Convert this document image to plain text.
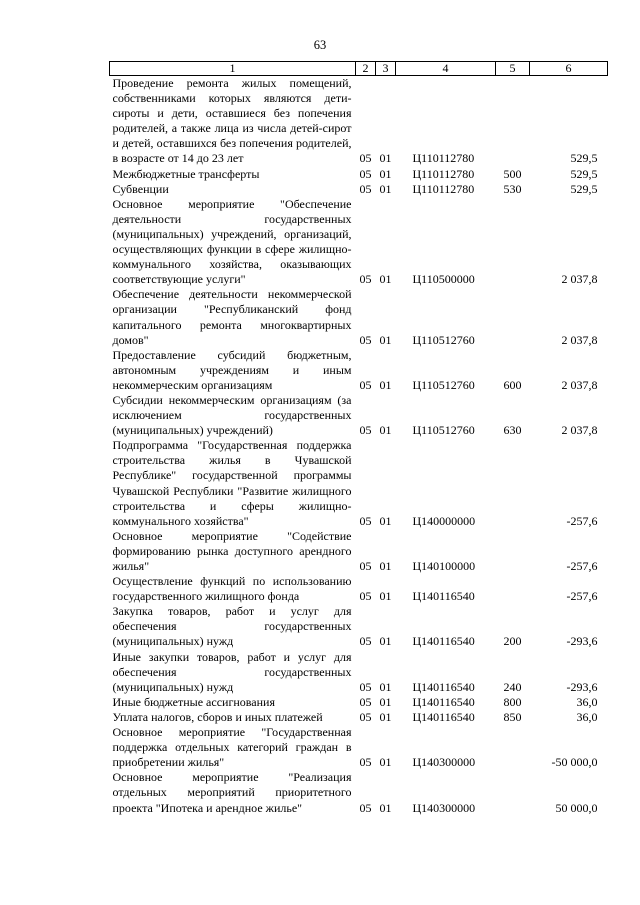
63
1	2	3	4	5	6

Проведение ремонта жилых помещений, собственниками которых являются дети-сироты и дети, оставшиеся без попечения родителей, а также лица из числа детей-сирот и детей, оставшихся без попечения родителей, в возрасте от 14 до 23 лет	05	01	Ц110112780		529,5

Межбюджетные трансферты	05	01	Ц110112780	500	529,5

Субвенции	05	01	Ц110112780	530	529,5

Основное мероприятие "Обеспечение деятельности государственных (муниципальных) учреждений, организаций, осуществляющих функции в сфере жилищно-коммунального хозяйства, оказывающих соответствующие услуги"	05	01	Ц110500000		2 037,8

Обеспечение деятельности некоммерческой организации "Республиканский фонд капитального ремонта многоквартирных домов"	05	01	Ц110512760		2 037,8

Предоставление субсидий бюджетным, автономным учреждениям и иным некоммерческим организациям	05	01	Ц110512760	600	2 037,8

Субсидии некоммерческим организациям (за исключением государственных (муниципальных) учреждений)	05	01	Ц110512760	630	2 037,8

Подпрограмма "Государственная поддержка строительства жилья в Чувашской Республике" государственной программы Чувашской Республики "Развитие жилищного строительства и сферы жилищно-коммунального хозяйства"	05	01	Ц140000000		-257,6

Основное мероприятие "Содействие формированию рынка доступного арендного жилья"	05	01	Ц140100000		-257,6

Осуществление функций по использованию государственного жилищного фонда	05	01	Ц140116540		-257,6

Закупка товаров, работ и услуг для обеспечения государственных (муниципальных) нужд	05	01	Ц140116540	200	-293,6

Иные закупки товаров, работ и услуг для обеспечения государственных (муниципальных) нужд	05	01	Ц140116540	240	-293,6

Иные бюджетные ассигнования	05	01	Ц140116540	800	36,0

Уплата налогов, сборов и иных платежей	05	01	Ц140116540	850	36,0

Основное мероприятие "Государственная поддержка отдельных категорий граждан в приобретении жилья"	05	01	Ц140300000		-50 000,0

Основное мероприятие "Реализация отдельных мероприятий приоритетного проекта "Ипотека и арендное жилье"	05	01	Ц140300000		50 000,0
